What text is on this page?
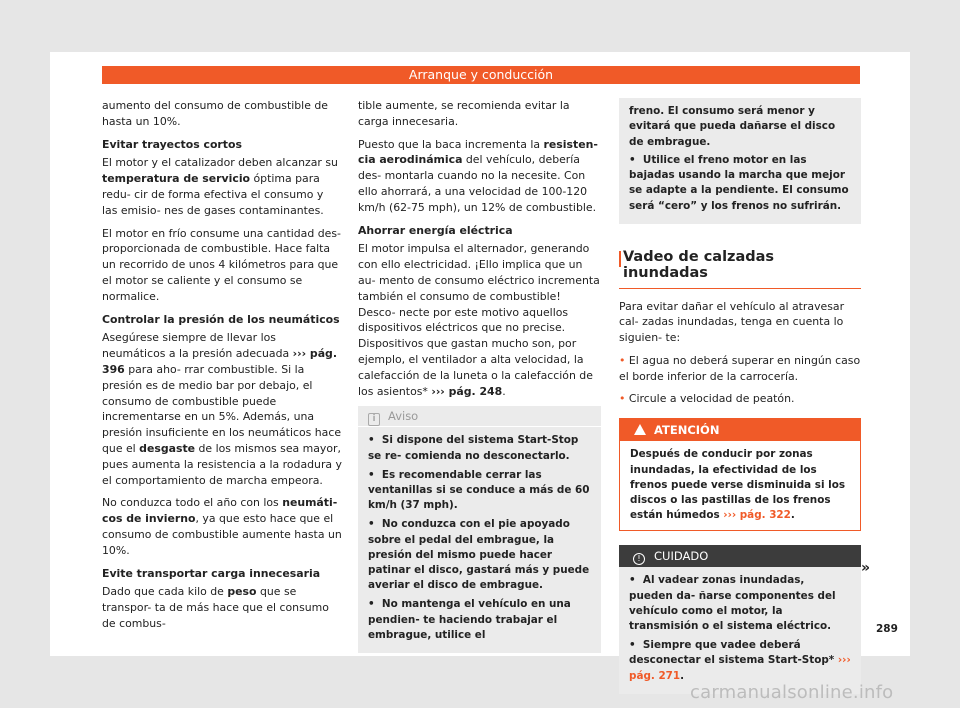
Arranque y conducción

aumento del consumo de combustible de hasta un 10%.

Evitar trayectos cortos

El motor y el catalizador deben alcanzar su temperatura de servicio óptima para redu- cir de forma efectiva el consumo y las emisio- nes de gases contaminantes.

El motor en frío consume una cantidad des- proporcionada de combustible. Hace falta un recorrido de unos 4 kilómetros para que el motor se caliente y el consumo se normalice.

Controlar la presión de los neumáticos

Asegúrese siempre de llevar los neumáticos a la presión adecuada ››› pág. 396 para aho- rrar combustible. Si la presión es de medio bar por debajo, el consumo de combustible puede incrementarse en un 5%. Además, una presión insuficiente en los neumáticos hace que el desgaste de los mismos sea mayor, pues aumenta la resistencia a la rodadura y el comportamiento de marcha empeora.

No conduzca todo el año con los neumáti- cos de invierno, ya que esto hace que el consumo de combustible aumente hasta un 10%.

Evite transportar carga innecesaria

Dado que cada kilo de peso que se transpor- ta de más hace que el consumo de combus-

tible aumente, se recomienda evitar la carga innecesaria.

Puesto que la baca incrementa la resisten- cia aerodinámica del vehículo, debería des- montarla cuando no la necesite. Con ello ahorrará, a una velocidad de 100-120 km/h (62-75 mph), un 12% de combustible.

Ahorrar energía eléctrica

El motor impulsa el alternador, generando con ello electricidad. ¡Ello implica que un au- mento de consumo eléctrico incrementa también el consumo de combustible! Desco- necte por este motivo aquellos dispositivos eléctricos que no precise. Dispositivos que gastan mucho son, por ejemplo, el ventilador a alta velocidad, la calefacción de la luneta o la calefacción de los asientos* ››› pág. 248.

i Aviso

• Si dispone del sistema Start-Stop se re- comienda no desconectarlo.

• Es recomendable cerrar las ventanillas si se conduce a más de 60 km/h (37 mph).

• No conduzca con el pie apoyado sobre el pedal del embrague, la presión del mismo puede hacer patinar el disco, gastará más y puede averiar el disco de embrague.

• No mantenga el vehículo en una pendien- te haciendo trabajar el embrague, utilice el

freno. El consumo será menor y evitará que pueda dañarse el disco de embrague.

• Utilice el freno motor en las bajadas usando la marcha que mejor se adapte a la pendiente. El consumo será “cero” y los frenos no sufrirán.

Vadeo de calzadas inundadas

Para evitar dañar el vehículo al atravesar cal- zadas inundadas, tenga en cuenta lo siguien- te:

• El agua no deberá superar en ningún caso el borde inferior de la carrocería.

• Circule a velocidad de peatón.

ATENCIÓN
Después de conducir por zonas inundadas, la efectividad de los frenos puede verse disminuida si los discos o las pastillas de los frenos están húmedos ››› pág. 322.
! CUIDADO

• Al vadear zonas inundadas, pueden da- ñarse componentes del vehículo como el motor, la transmisión o el sistema eléctrico.

• Siempre que vadee deberá desconectar el sistema Start-Stop* ››› pág. 271.

»
289
carmanualsonline.info
